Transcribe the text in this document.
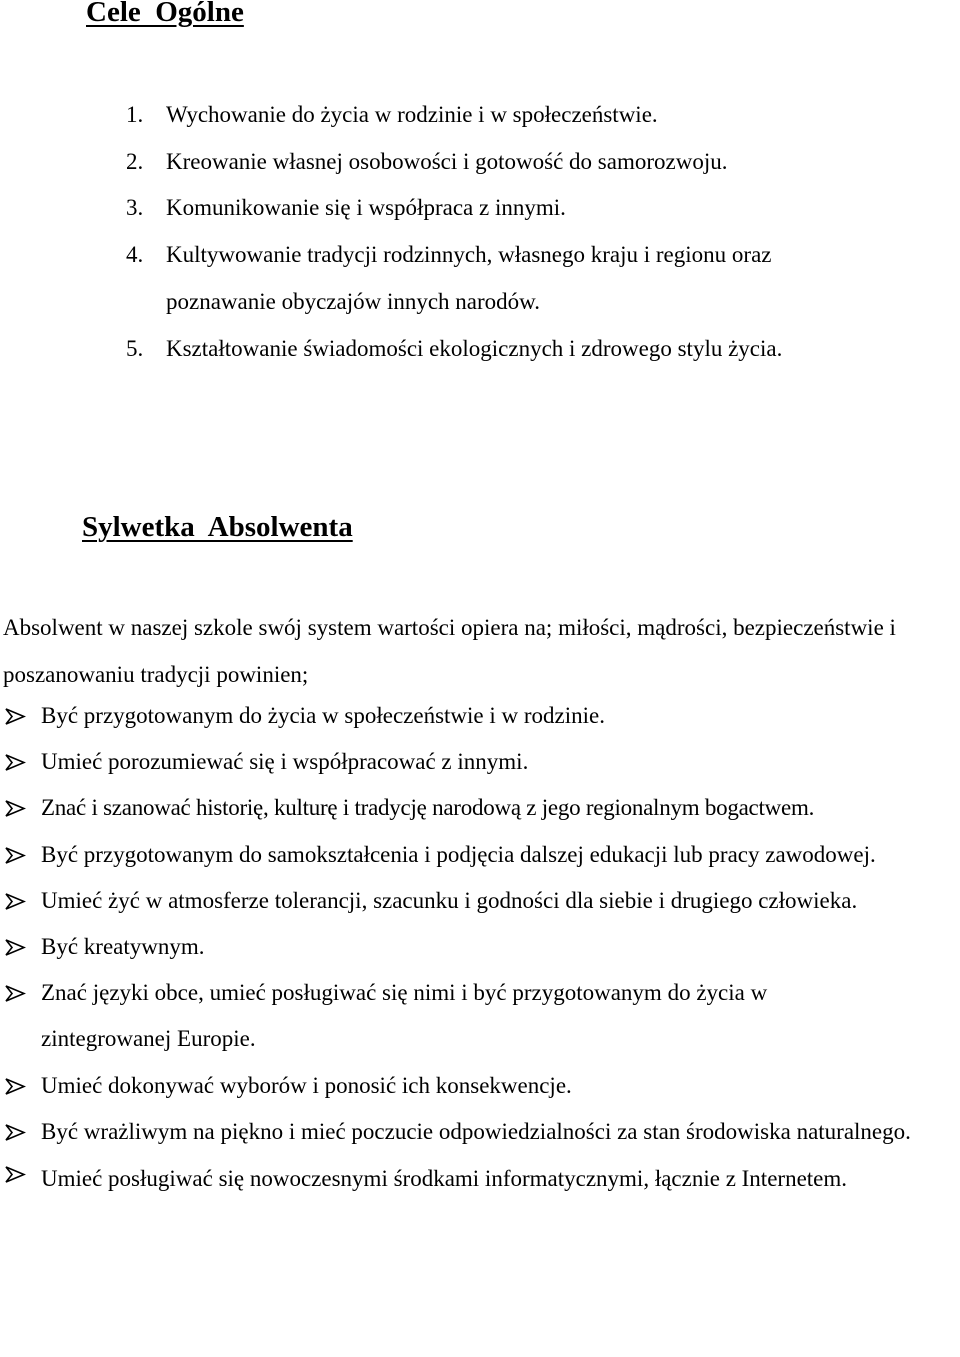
Cele  Ogólne
1. Wychowanie do życia w rodzinie i w społeczeństwie.
2. Kreowanie własnej osobowości i gotowość do samorozwoju.
3. Komunikowanie się i współpraca z innymi.
4. Kultywowanie tradycji rodzinnych, własnego kraju i regionu oraz poznawanie obyczajów innych narodów.
5. Kształtowanie świadomości ekologicznych i zdrowego stylu życia.
Sylwetka  Absolwenta

Absolwent w naszej szkole swój system wartości opiera na; miłości, mądrości, bezpieczeństwie i poszanowaniu tradycji powinien;

Być przygotowanym do życia w społeczeństwie i w rodzinie.
Umieć porozumiewać się i współpracować z innymi.
Znać i szanować historię, kulturę i tradycję narodową z jego regionalnym bogactwem.
Być przygotowanym do samokształcenia i podjęcia dalszej edukacji lub pracy zawodowej.
Umieć żyć w atmosferze tolerancji, szacunku i godności dla siebie i drugiego człowieka.
Być kreatywnym.
Znać języki obce, umieć posługiwać się nimi i być przygotowanym do życia w zintegrowanej Europie.
Umieć dokonywać wyborów i ponosić ich konsekwencje.
Być wrażliwym na piękno i mieć poczucie odpowiedzialności za stan środowiska naturalnego.
Umieć posługiwać się nowoczesnymi środkami informatycznymi, łącznie z Internetem.
